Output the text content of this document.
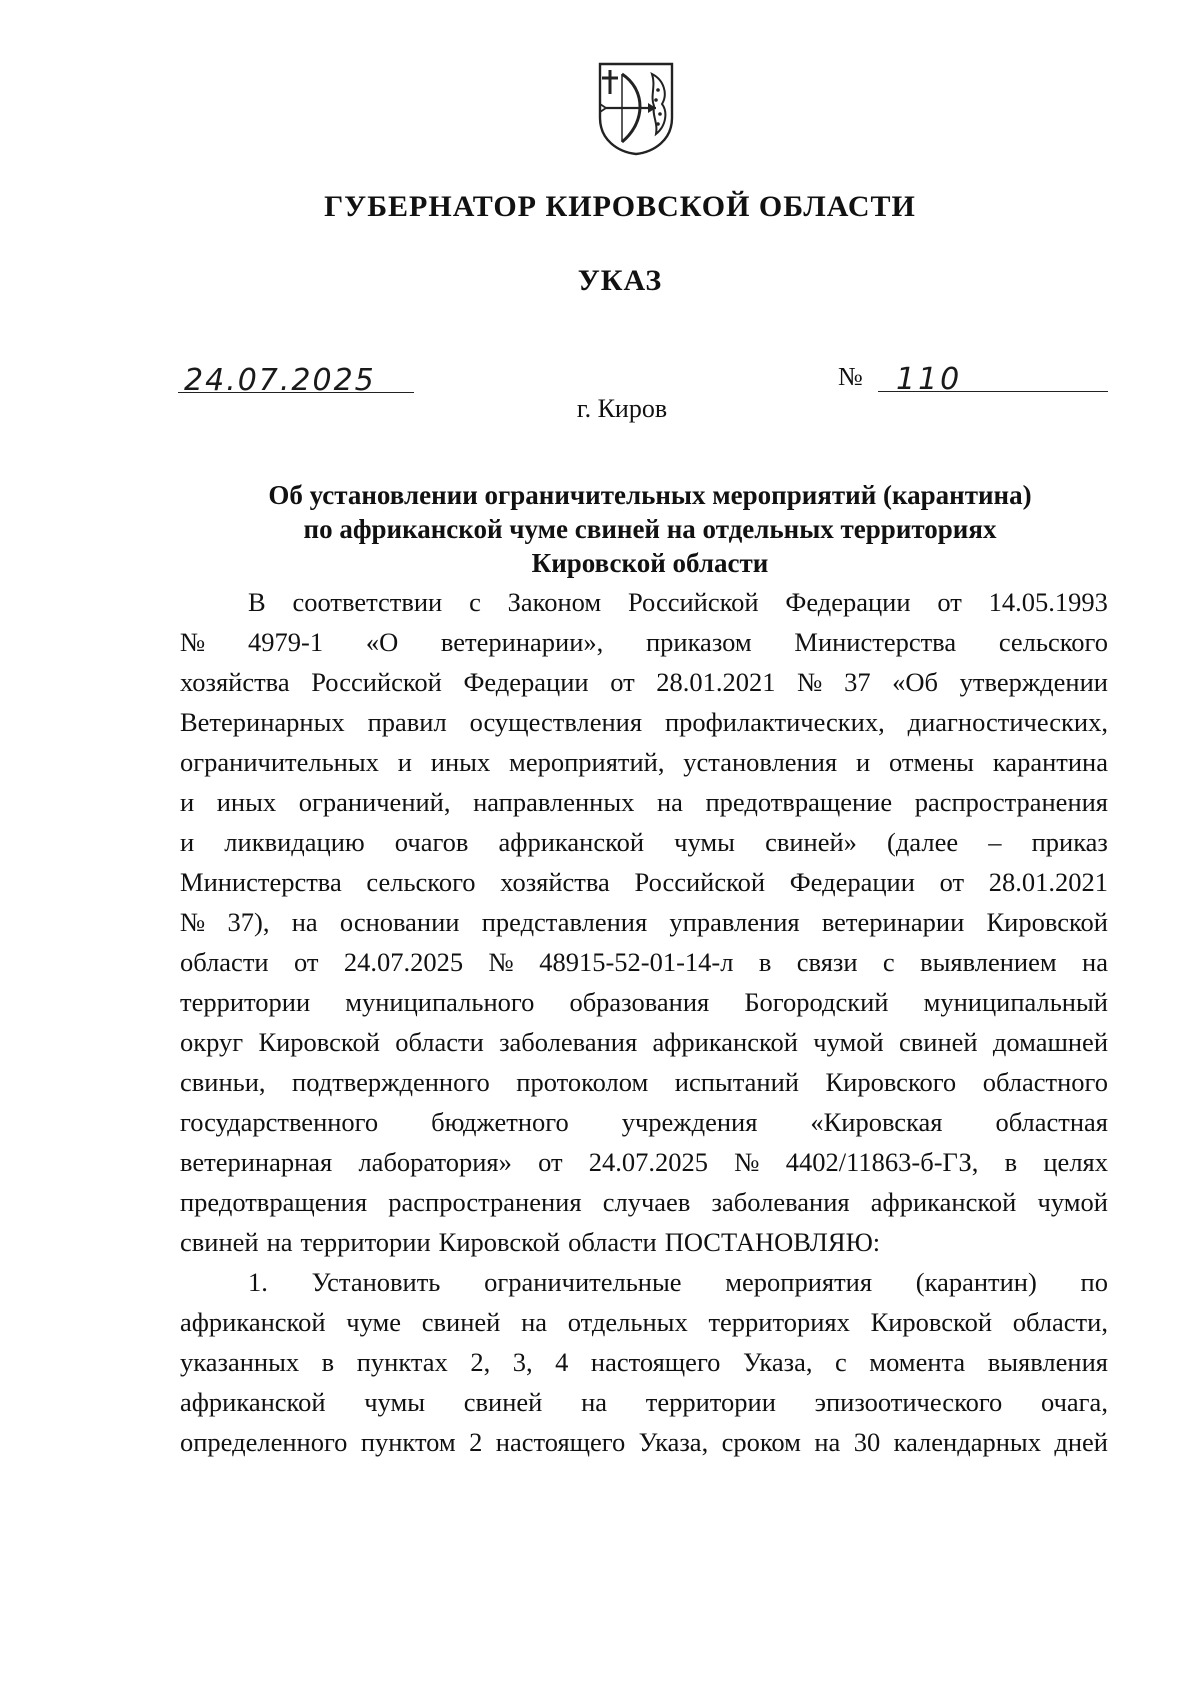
ГУБЕРНАТОР КИРОВСКОЙ ОБЛАСТИ
УКАЗ
24.07.2025	№ 110
г. Киров
Об установлении ограничительных мероприятий (карантина)
по африканской чуме свиней на отдельных территориях
Кировской области
В соответствии с Законом Российской Федерации от 14.05.1993
№ 4979-1 «О ветеринарии», приказом Министерства сельского
хозяйства Российской Федерации от 28.01.2021 № 37 «Об утверждении
Ветеринарных правил осуществления профилактических, диагностических,
ограничительных и иных мероприятий, установления и отмены карантина
и иных ограничений, направленных на предотвращение распространения
и ликвидацию очагов африканской чумы свиней» (далее – приказ
Министерства сельского хозяйства Российской Федерации от 28.01.2021
№ 37), на основании представления управления ветеринарии Кировской
области от 24.07.2025 № 48915-52-01-14-л в связи с выявлением на
территории муниципального образования Богородский муниципальный
округ Кировской области заболевания африканской чумой свиней домашней
свиньи, подтвержденного протоколом испытаний Кировского областного
государственного бюджетного учреждения «Кировская областная
ветеринарная лаборатория» от 24.07.2025 № 4402/11863-б-ГЗ, в целях
предотвращения распространения случаев заболевания африканской чумой
свиней на территории Кировской области ПОСТАНОВЛЯЮ:
1. Установить ограничительные мероприятия (карантин) по
африканской чуме свиней на отдельных территориях Кировской области,
указанных в пунктах 2, 3, 4 настоящего Указа, с момента выявления
африканской чумы свиней на территории эпизоотического очага,
определенного пунктом 2 настоящего Указа, сроком на 30 календарных дней
